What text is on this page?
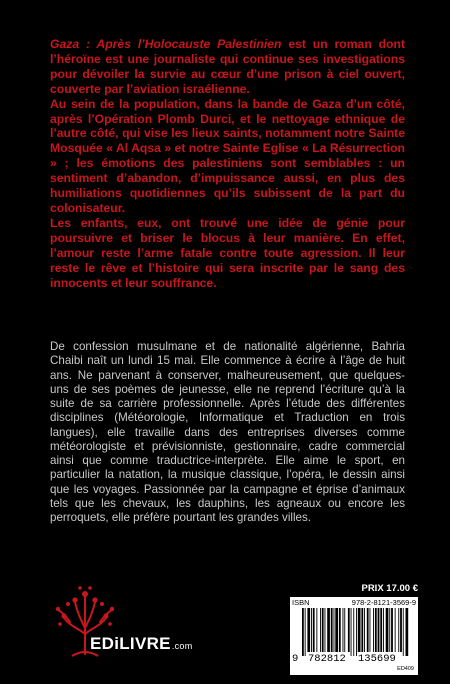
Gaza : Après l’Holocauste Palestinien est un roman dont l’héroïne est une journaliste qui continue ses investigations pour dévoiler la survie au cœur d’une prison à ciel ouvert, couverte par l’aviation israélienne.

Au sein de la population, dans la bande de Gaza d’un côté, après l’Opération Plomb Durci, et le nettoyage ethnique de l’autre côté, qui vise les lieux saints, notamment notre Sainte Mosquée « Al Aqsa » et notre Sainte Eglise « La Résurrection » ; les émotions des palestiniens sont semblables : un sentiment d’abandon, d’impuissance aussi, en plus des humiliations quotidiennes qu’ils subissent de la part du colonisateur.

Les enfants, eux, ont trouvé une idée de génie pour poursuivre et briser le blocus à leur manière. En effet, l’amour reste l’arme fatale contre toute agression. Il leur reste le rêve et l’histoire qui sera inscrite par le sang des innocents et leur souffrance.

De confession musulmane et de nationalité algérienne, Bahria Chaibi naît un lundi 15 mai. Elle commence à écrire à l’âge de huit ans. Ne parvenant à conserver, malheureusement, que quelques-uns de ses poèmes de jeunesse, elle ne reprend l’écriture qu’à la suite de sa carrière professionnelle. Après l’étude des différentes disciplines (Météorologie, Informatique et Traduction en trois langues), elle travaille dans des entreprises diverses comme météorologiste et prévisionniste, gestionnaire, cadre commercial ainsi que comme traductrice-interprète. Elle aime le sport, en particulier la natation, la musique classique, l’opéra, le dessin ainsi que les voyages. Passionnée par la campagne et éprise d’animaux tels que les chevaux, les dauphins, les agneaux ou encore les perroquets, elle préfère pourtant les grandes villes.

EDiLIVRE.com
PRIX 17.00 €
ISBN	978-2-8121-3569-9
9 782812 135699
ED409
